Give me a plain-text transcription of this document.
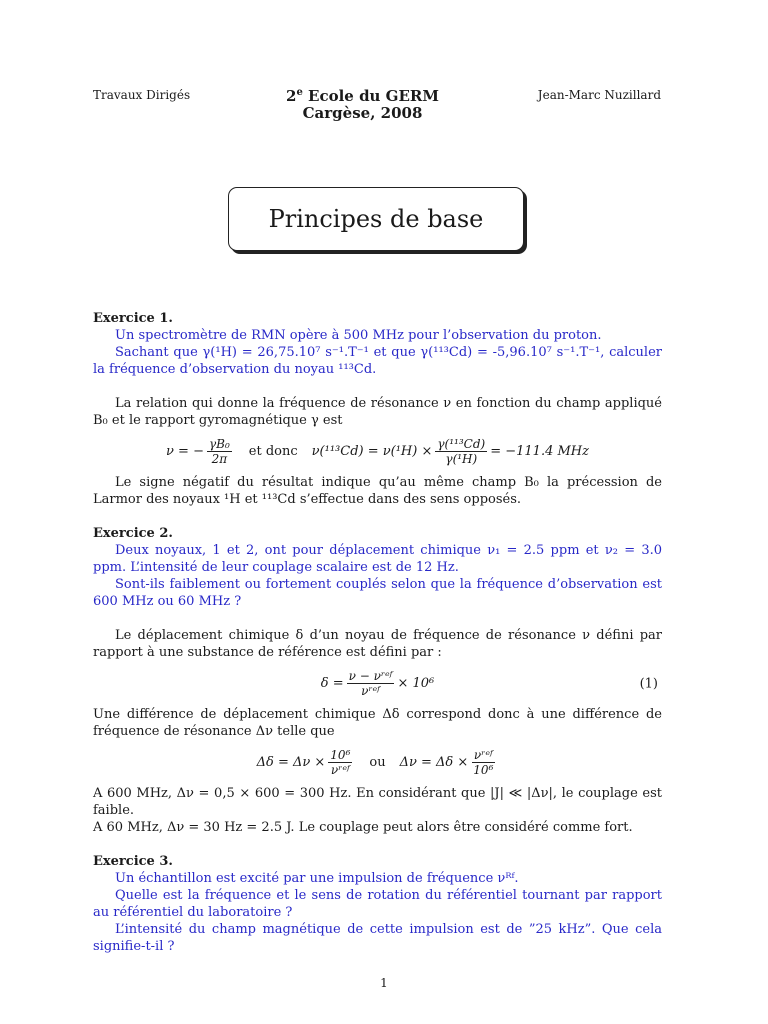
Travaux Dirigés	2e Ecole du GERM
Cargèse, 2008
Jean-Marc Nuzillard
Principes de base

Exercice 1.

Un spectromètre de RMN opère à 500 MHz pour l’observation du proton.

Sachant que γ(¹H) = 26,75.10⁷ s⁻¹.T⁻¹ et que γ(¹¹³Cd) = -5,96.10⁷ s⁻¹.T⁻¹, calculer la fréquence d’observation du noyau ¹¹³Cd.

La relation qui donne la fréquence de résonance ν en fonction du champ appliqué B₀ et le rapport gyromagnétique γ est

ν = − $\frac{\text{γB₀}}{2\pi}$ et donc $\nu(^{113}Cd) = \nu(^1H) \times \frac{\text{γ(¹¹³Cd)}}{\text{γ(¹H)}} = -111.4$ MHz

Le signe négatif du résultat indique qu’au même champ B₀ la précession de Larmor des noyaux ¹H et ¹¹³Cd s’effectue dans des sens opposés.

Exercice 2.

Deux noyaux, 1 et 2, ont pour déplacement chimique ν₁ = 2.5 ppm et ν₂ = 3.0 ppm. L’intensité de leur couplage scalaire est de 12 Hz.

Sont-ils faiblement ou fortement couplés selon que la fréquence d’observation est 600 MHz ou 60 MHz ?

Le déplacement chimique δ d’un noyau de fréquence de résonance ν défini par rapport à une substance de référence est défini par :

$\delta = \frac{\text{ν − νʳᵉᶠ}}{\text{νʳᵉᶠ}} \times 10^6$	(1)

Une différence de déplacement chimique Δδ correspond donc à une différence de fréquence de résonance Δν telle que

$\Delta\delta = \Delta\nu \times \frac{\text{10⁶}}{\text{νʳᵉᶠ}}$ ou $\Delta\nu = \Delta\delta \times \frac{\text{νʳᵉᶠ}}{\text{10⁶}}$

A 600 MHz, Δν = 0,5 × 600 = 300 Hz. En considérant que |J| ≪ |Δν|, le couplage est faible.

A 60 MHz, Δν = 30 Hz = 2.5 J. Le couplage peut alors être considéré comme fort.

Exercice 3.

Un échantillon est excité par une impulsion de fréquence νᴿᶠ.

Quelle est la fréquence et le sens de rotation du référentiel tournant par rapport au référentiel du laboratoire ?

L’intensité du champ magnétique de cette impulsion est de ”25 kHz”. Que cela signifie-t-il ?

1
